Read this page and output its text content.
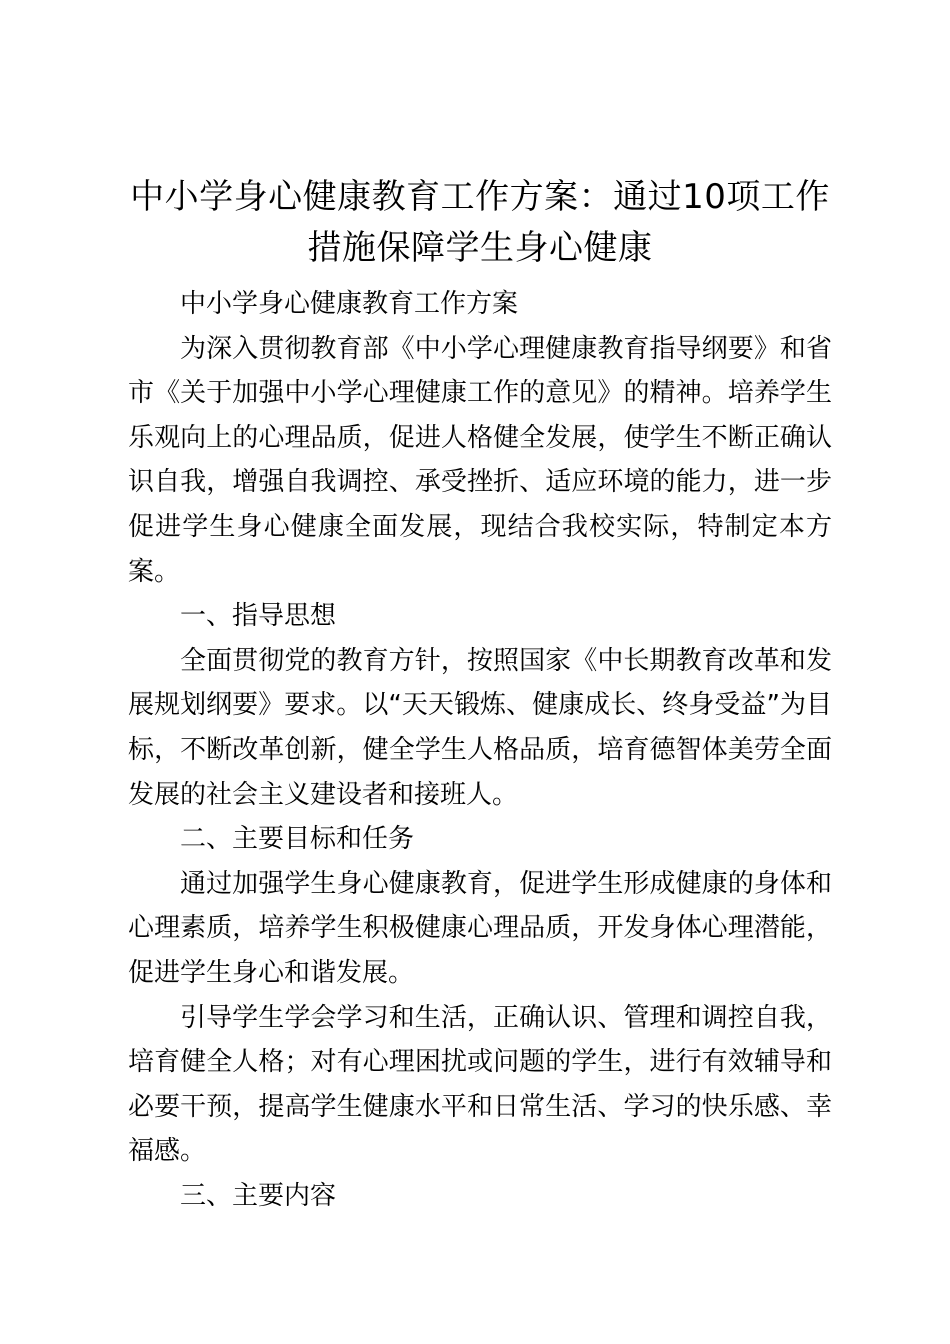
中小学身心健康教育工作方案：通过10项工作措施保障学生身心健康

中小学身心健康教育工作方案

为深入贯彻教育部《中小学心理健康教育指导纲要》和省市《关于加强中小学心理健康工作的意见》的精神。培养学生乐观向上的心理品质，促进人格健全发展，使学生不断正确认识自我，增强自我调控、承受挫折、适应环境的能力，进一步促进学生身心健康全面发展，现结合我校实际，特制定本方案。

一、指导思想

全面贯彻党的教育方针，按照国家《中长期教育改革和发展规划纲要》要求。以“天天锻炼、健康成长、终身受益”为目标，不断改革创新，健全学生人格品质，培育德智体美劳全面发展的社会主义建设者和接班人。

二、主要目标和任务

通过加强学生身心健康教育，促进学生形成健康的身体和心理素质，培养学生积极健康心理品质，开发身体心理潜能，促进学生身心和谐发展。

引导学生学会学习和生活，正确认识、管理和调控自我，培育健全人格；对有心理困扰或问题的学生，进行有效辅导和必要干预，提高学生健康水平和日常生活、学习的快乐感、幸福感。

三、主要内容
